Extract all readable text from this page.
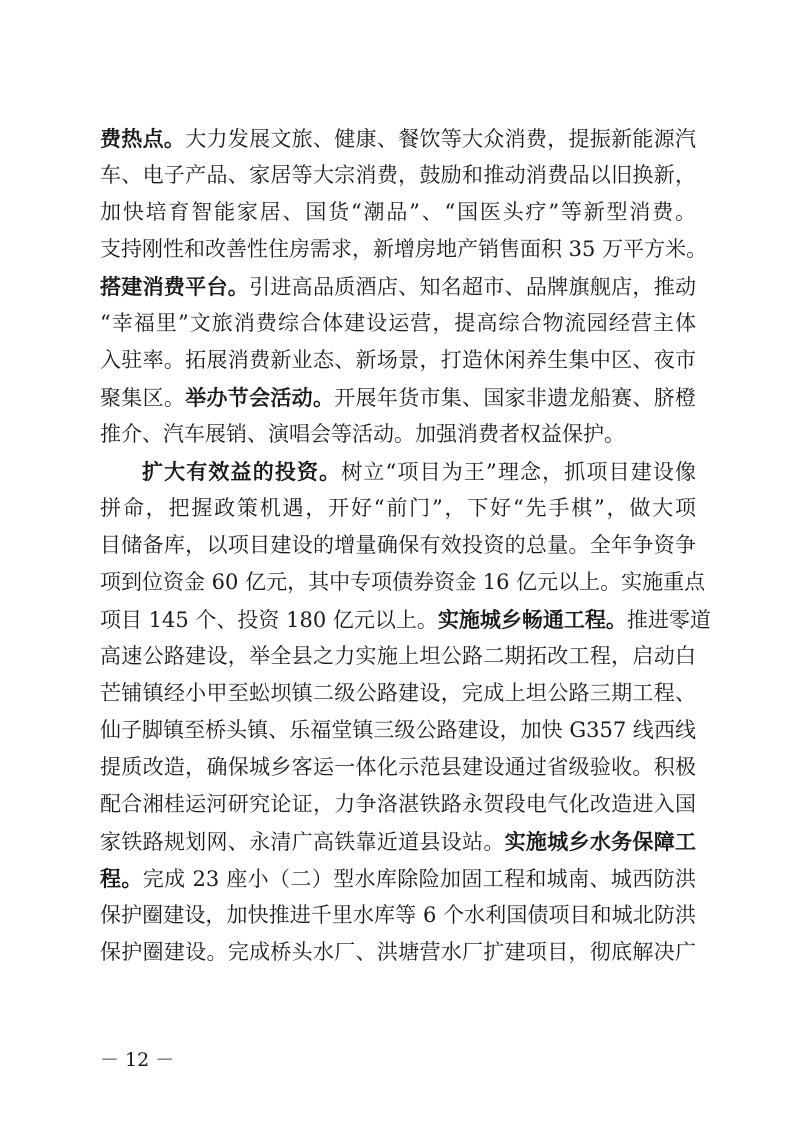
费热点。大力发展文旅、健康、餐饮等大众消费，提振新能源汽
车、电子产品、家居等大宗消费，鼓励和推动消费品以旧换新，
加快培育智能家居、国货“潮品”、“国医头疗”等新型消费。
支持刚性和改善性住房需求，新增房地产销售面积 35 万平方米。
搭建消费平台。引进高品质酒店、知名超市、品牌旗舰店，推动
“幸福里”文旅消费综合体建设运营，提高综合物流园经营主体
入驻率。拓展消费新业态、新场景，打造休闲养生集中区、夜市
聚集区。举办节会活动。开展年货市集、国家非遗龙船赛、脐橙
推介、汽车展销、演唱会等活动。加强消费者权益保护。
扩大有效益的投资。树立“项目为王”理念，抓项目建设像
拼命，把握政策机遇，开好“前门”，下好“先手棋”，做大项
目储备库，以项目建设的增量确保有效投资的总量。全年争资争
项到位资金 60 亿元，其中专项债券资金 16 亿元以上。实施重点
项目 145 个、投资 180 亿元以上。实施城乡畅通工程。推进零道
高速公路建设，举全县之力实施上坦公路二期拓改工程，启动白
芒铺镇经小甲至蚣坝镇二级公路建设，完成上坦公路三期工程、
仙子脚镇至桥头镇、乐福堂镇三级公路建设，加快 G357 线西线
提质改造，确保城乡客运一体化示范县建设通过省级验收。积极
配合湘桂运河研究论证，力争洛湛铁路永贺段电气化改造进入国
家铁路规划网、永清广高铁靠近道县设站。实施城乡水务保障工
程。完成 23 座小（二）型水库除险加固工程和城南、城西防洪
保护圈建设，加快推进千里水库等 6 个水利国债项目和城北防洪
保护圈建设。完成桥头水厂、洪塘营水厂扩建项目，彻底解决广
－ 12 －
